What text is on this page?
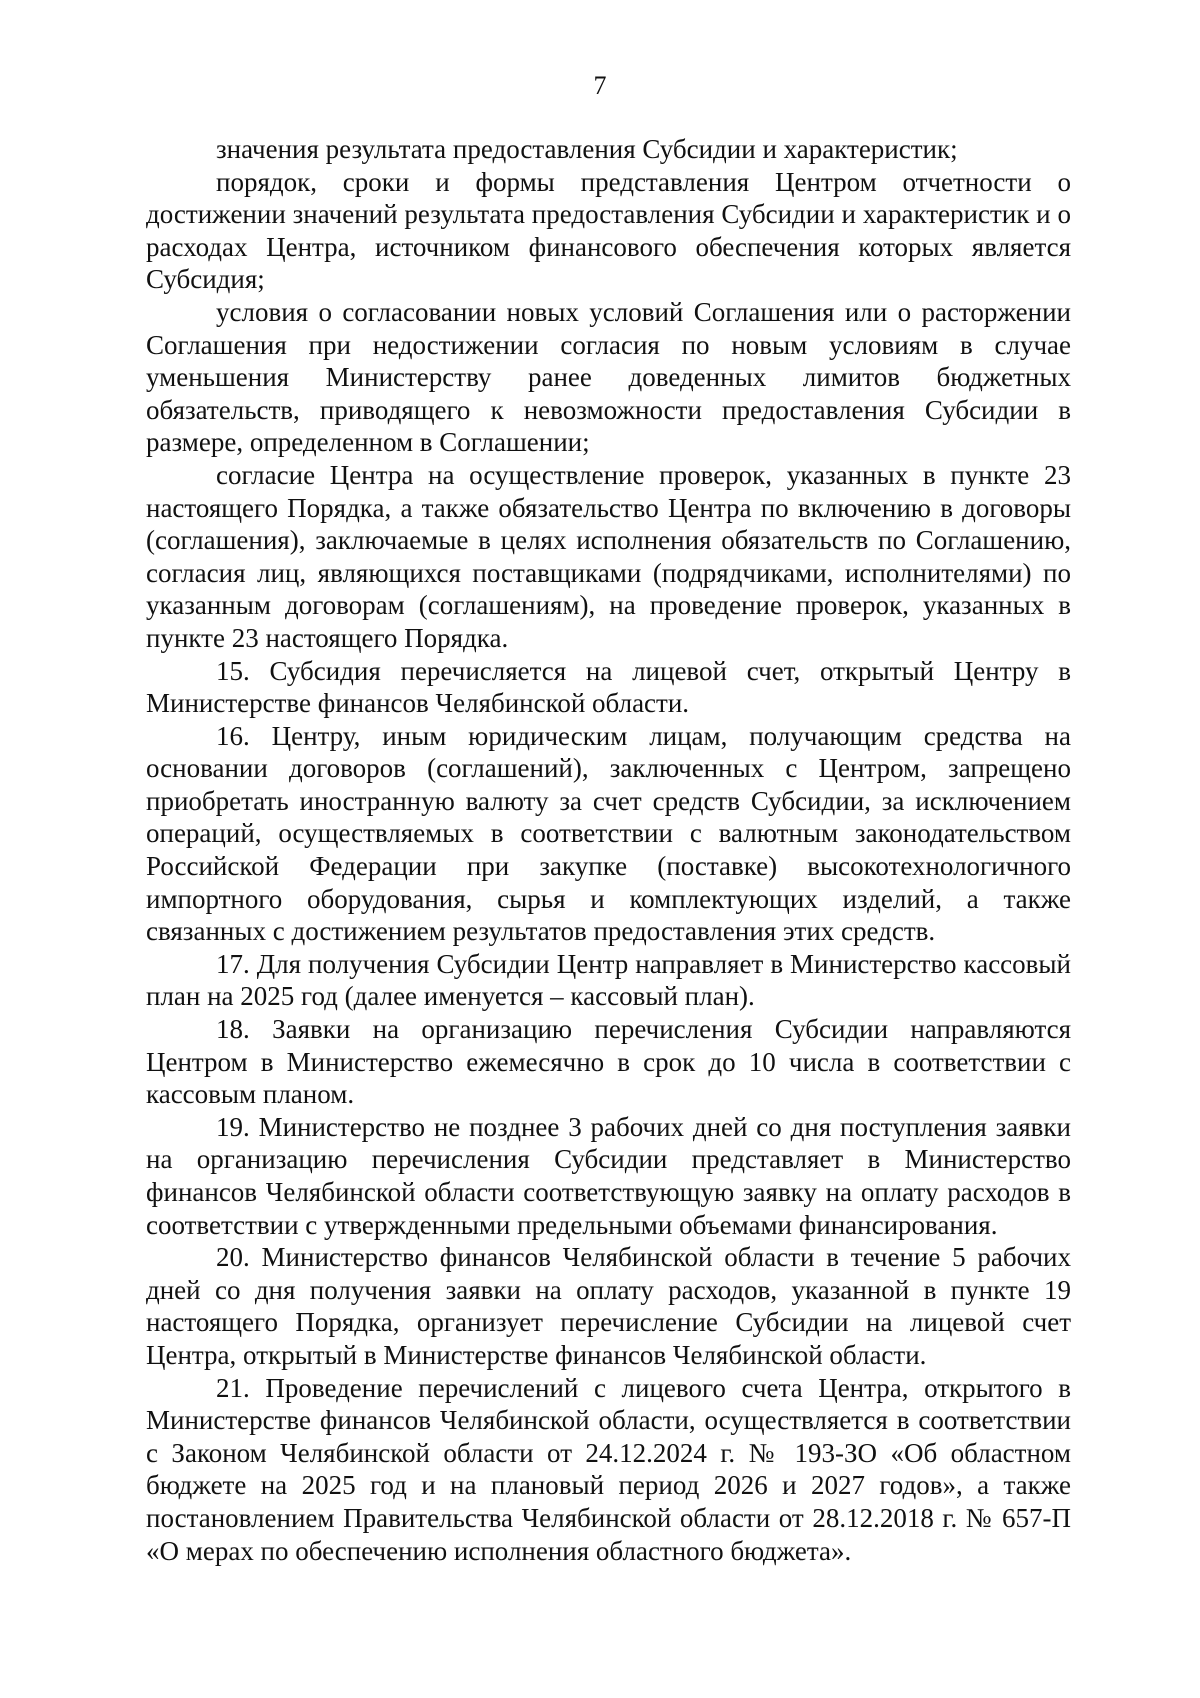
7

значения результата предоставления Субсидии и характеристик;

порядок, сроки и формы представления Центром отчетности о достижении значений результата предоставления Субсидии и характеристик и о расходах Центра, источником финансового обеспечения которых является Субсидия;

условия о согласовании новых условий Соглашения или о расторжении Соглашения при недостижении согласия по новым условиям в случае уменьшения Министерству ранее доведенных лимитов бюджетных обязательств, приводящего к невозможности предоставления Субсидии в размере, определенном в Соглашении;

согласие Центра на осуществление проверок, указанных в пункте 23 настоящего Порядка, а также обязательство Центра по включению в договоры (соглашения), заключаемые в целях исполнения обязательств по Соглашению, согласия лиц, являющихся поставщиками (подрядчиками, исполнителями) по указанным договорам (соглашениям), на проведение проверок, указанных в пункте 23 настоящего Порядка.

15. Субсидия перечисляется на лицевой счет, открытый Центру в Министерстве финансов Челябинской области.

16. Центру, иным юридическим лицам, получающим средства на основании договоров (соглашений), заключенных с Центром, запрещено приобретать иностранную валюту за счет средств Субсидии, за исключением операций, осуществляемых в соответствии с валютным законодательством Российской Федерации при закупке (поставке) высокотехнологичного импортного оборудования, сырья и комплектующих изделий, а также связанных с достижением результатов предоставления этих средств.

17. Для получения Субсидии Центр направляет в Министерство кассовый план на 2025 год (далее именуется – кассовый план).

18. Заявки на организацию перечисления Субсидии направляются Центром в Министерство ежемесячно в срок до 10 числа в соответствии с кассовым планом.

19. Министерство не позднее 3 рабочих дней со дня поступления заявки на организацию перечисления Субсидии представляет в Министерство финансов Челябинской области соответствующую заявку на оплату расходов в соответствии с утвержденными предельными объемами финансирования.

20. Министерство финансов Челябинской области в течение 5 рабочих дней со дня получения заявки на оплату расходов, указанной в пункте 19 настоящего Порядка, организует перечисление Субсидии на лицевой счет Центра, открытый в Министерстве финансов Челябинской области.

21. Проведение перечислений с лицевого счета Центра, открытого в Министерстве финансов Челябинской области, осуществляется в соответствии с Законом Челябинской области от 24.12.2024 г. № 193-ЗО «Об областном бюджете на 2025 год и на плановый период 2026 и 2027 годов», а также постановлением Правительства Челябинской области от 28.12.2018 г. № 657-П «О мерах по обеспечению исполнения областного бюджета».
